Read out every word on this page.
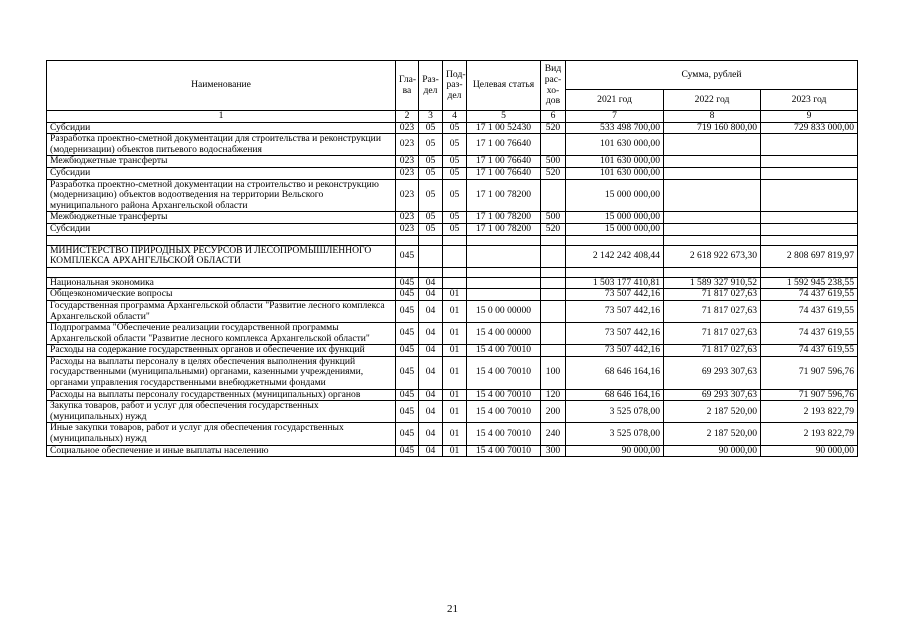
Наименование	Гла-ва	Раз-дел	Под-раз-дел	Целевая статья	Вид рас-хо-дов	Сумма, рублей		
						2021 год	2022 год	2023 год
1	2	3	4	5	6	7	8	9
Субсидии	023	05	05	17 1 00 52430	520	533 498 700,00	719 160 800,00	729 833 000,00
Разработка проектно-сметной документации для строительства и реконструкции (модернизации) объектов питьевого водоснабжения	023	05	05	17 1 00 76640		101 630 000,00		
Межбюджетные трансферты	023	05	05	17 1 00 76640	500	101 630 000,00		
Субсидии	023	05	05	17 1 00 76640	520	101 630 000,00		
Разработка проектно-сметной документации на строительство и реконструкцию (модернизацию) объектов водоотведения на территории Вельского муниципального района Архангельской области	023	05	05	17 1 00 78200		15 000 000,00		
Межбюджетные трансферты	023	05	05	17 1 00 78200	500	15 000 000,00		
Субсидии	023	05	05	17 1 00 78200	520	15 000 000,00		

МИНИСТЕРСТВО ПРИРОДНЫХ РЕСУРСОВ И ЛЕСОПРОМЫШЛЕННОГО КОМПЛЕКСА АРХАНГЕЛЬСКОЙ ОБЛАСТИ	045					2 142 242 408,44	2 618 922 673,30	2 808 697 819,97

Национальная экономика	045	04				1 503 177 410,81	1 589 327 910,52	1 592 945 238,55
Общеэкономические вопросы	045	04	01			73 507 442,16	71 817 027,63	74 437 619,55
Государственная программа Архангельской области "Развитие лесного комплекса Архангельской области"	045	04	01	15 0 00 00000		73 507 442,16	71 817 027,63	74 437 619,55
Подпрограмма "Обеспечение реализации государственной программы Архангельской области "Развитие лесного комплекса Архангельской области"	045	04	01	15 4 00 00000		73 507 442,16	71 817 027,63	74 437 619,55
Расходы на содержание государственных органов и обеспечение их функций	045	04	01	15 4 00 70010		73 507 442,16	71 817 027,63	74 437 619,55
Расходы на выплаты персоналу в целях обеспечения выполнения функций государственными (муниципальными) органами, казенными учреждениями, органами управления государственными внебюджетными фондами	045	04	01	15 4 00 70010	100	68 646 164,16	69 293 307,63	71 907 596,76
Расходы на выплаты персоналу государственных (муниципальных) органов	045	04	01	15 4 00 70010	120	68 646 164,16	69 293 307,63	71 907 596,76
Закупка товаров, работ и услуг для обеспечения государственных (муниципальных) нужд	045	04	01	15 4 00 70010	200	3 525 078,00	2 187 520,00	2 193 822,79
Иные закупки товаров, работ и услуг для обеспечения государственных (муниципальных) нужд	045	04	01	15 4 00 70010	240	3 525 078,00	2 187 520,00	2 193 822,79
Социальное обеспечение и иные выплаты населению	045	04	01	15 4 00 70010	300	90 000,00	90 000,00	90 000,00
21
